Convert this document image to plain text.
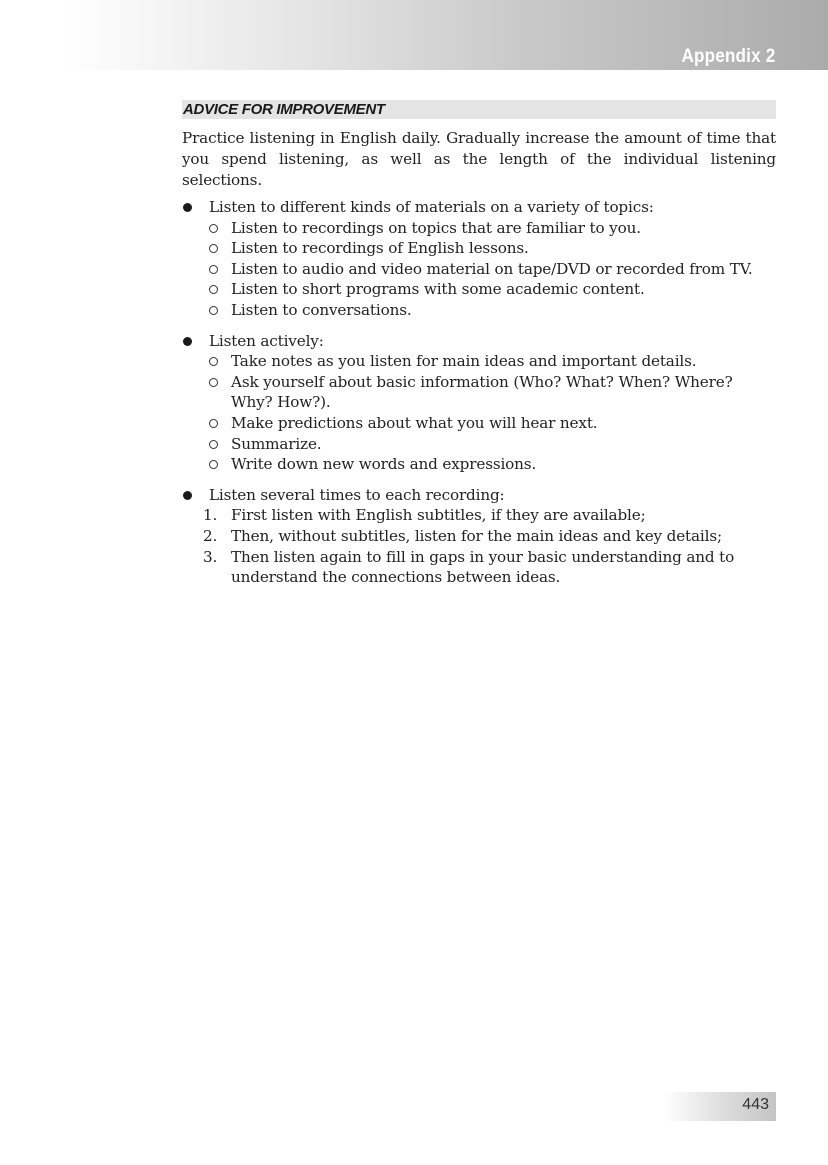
Appendix 2
ADVICE FOR IMPROVEMENT

Practice listening in English daily. Gradually increase the amount of time that you spend listening, as well as the length of the individual listening selections.

Listen to different kinds of materials on a variety of topics:
Listen to recordings on topics that are familiar to you.
Listen to recordings of English lessons.
Listen to audio and video material on tape/DVD or recorded from TV.
Listen to short programs with some academic content.
Listen to conversations.
Listen actively:
Take notes as you listen for main ideas and important details.
Ask yourself about basic information (Who? What? When? Where? Why? How?).
Make predictions about what you will hear next.
Summarize.
Write down new words and expressions.
Listen several times to each recording:
1. First listen with English subtitles, if they are available;
2. Then, without subtitles, listen for the main ideas and key details;
3. Then listen again to fill in gaps in your basic understanding and to understand the connections between ideas.
443
